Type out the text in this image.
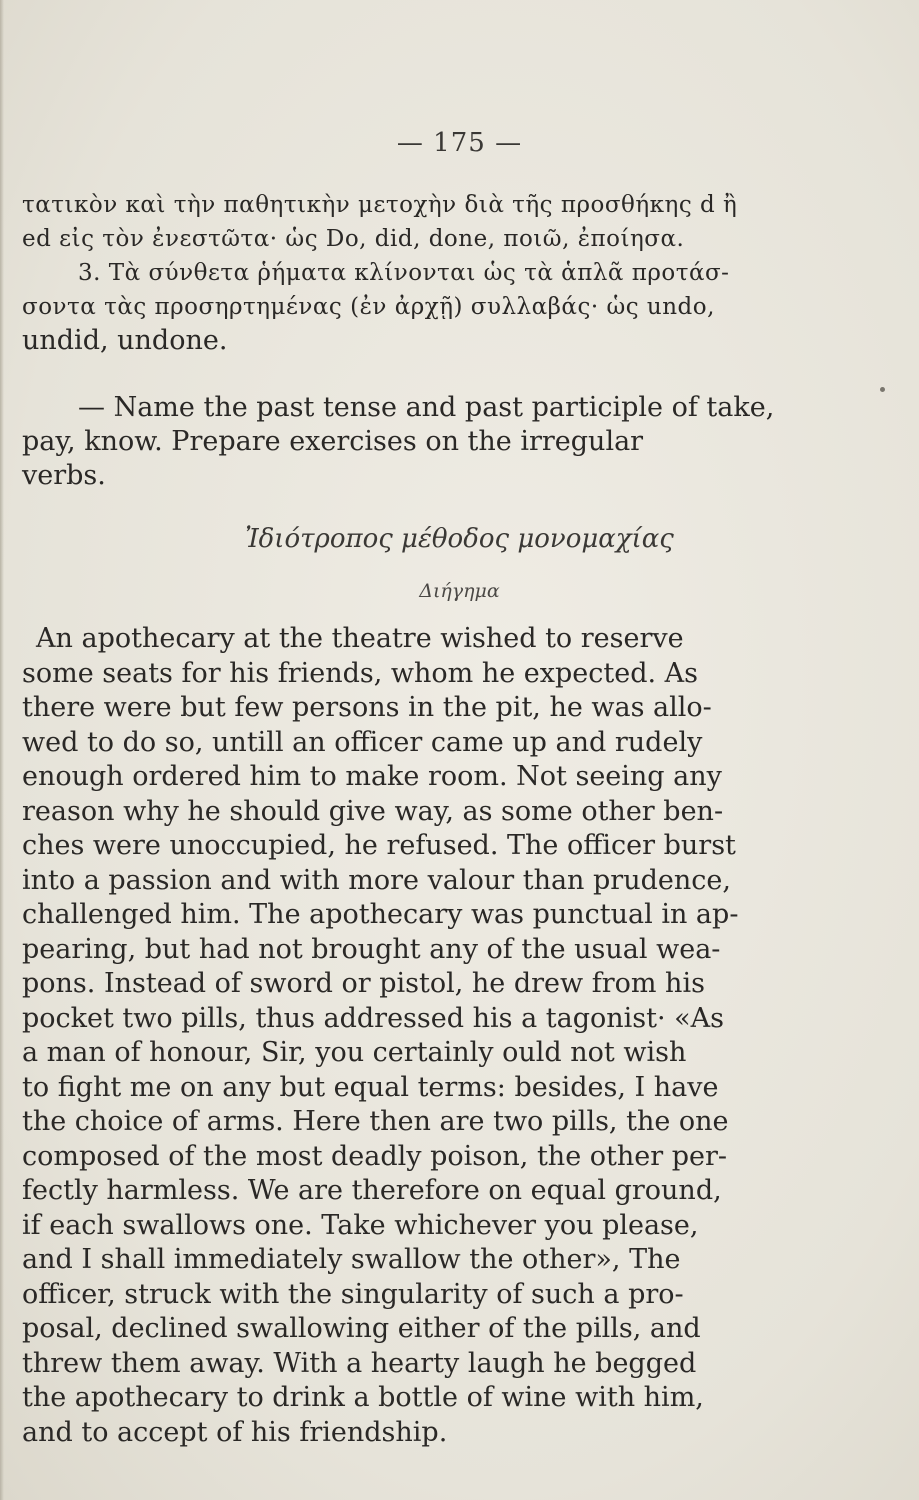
— 175 —
τατικὸν καὶ τὴν παθητικὴν μετοχὴν διὰ τῆς προσθήκης d ἢ
ed εἰς τὸν ἐνεστῶτα· ὡς Do, did, done, ποιῶ, ἐποίησα.
3. Τὰ σύνθετα ῥήματα κλίνονται ὡς τὰ ἁπλᾶ προτάσ-
σοντα τὰς προσηρτημένας (ἐν ἀρχῇ) συλλαβάς· ὡς undo,
undid, undone.
— Name the past tense and past participle of take,
pay, know. Prepare exercises on the irregular
verbs.
Ἰδιότροπος μέθοδος μονομαχίας
Διήγημα
An apothecary at the theatre wished to reserve
some seats for his friends, whom he expected. As
there were but few persons in the pit, he was allo-
wed to do so, untill an officer came up and rudely
enough ordered him to make room. Not seeing any
reason why he should give way, as some other ben-
ches were unoccupied, he refused. The officer burst
into a passion and with more valour than prudence,
challenged him. The apothecary was punctual in ap-
pearing, but had not brought any of the usual wea-
pons. Instead of sword or pistol, he drew from his
pocket two pills, thus addressed his a tagonist· «As
a man of honour, Sir, you certainly ould not wish
to fight me on any but equal terms: besides, I have
the choice of arms. Here then are two pills, the one
composed of the most deadly poison, the other per-
fectly harmless. We are therefore on equal ground,
if each swallows one. Take whichever you please,
and I shall immediately swallow the other», The
officer, struck with the singularity of such a pro-
posal, declined swallowing either of the pills, and
threw them away. With a hearty laugh he begged
the apothecary to drink a bottle of wine with him,
and to accept of his friendship.
